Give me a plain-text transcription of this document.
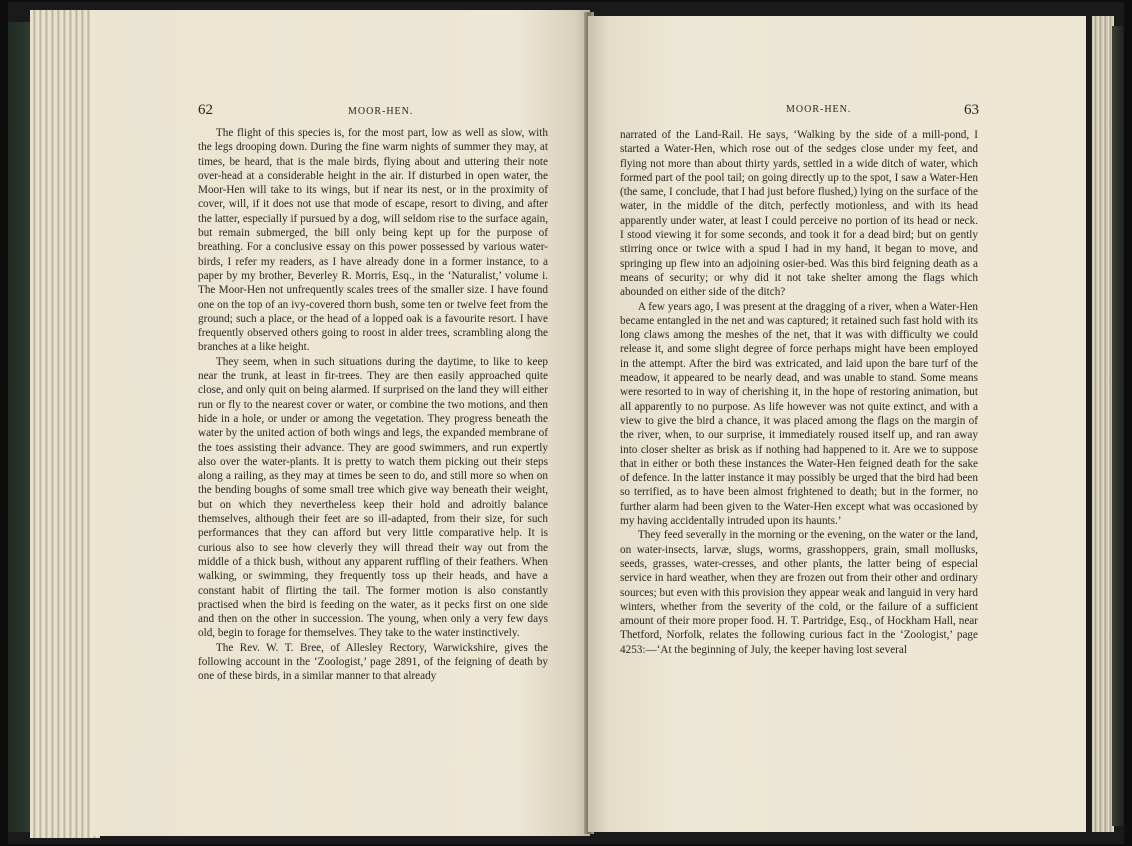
62	MOOR-HEN.

The flight of this species is, for the most part, low as well as slow, with the legs drooping down. During the fine warm nights of summer they may, at times, be heard, that is the male birds, flying about and uttering their note over-head at a considerable height in the air. If disturbed in open water, the Moor-Hen will take to its wings, but if near its nest, or in the proximity of cover, will, if it does not use that mode of escape, resort to diving, and after the latter, especially if pursued by a dog, will seldom rise to the surface again, but remain submerged, the bill only being kept up for the purpose of breathing. For a conclusive essay on this power possessed by various water-birds, I refer my readers, as I have already done in a former instance, to a paper by my brother, Beverley R. Morris, Esq., in the ‘Naturalist,’ volume i. The Moor-Hen not unfrequently scales trees of the smaller size. I have found one on the top of an ivy-covered thorn bush, some ten or twelve feet from the ground; such a place, or the head of a lopped oak is a favourite resort. I have frequently observed others going to roost in alder trees, scrambling along the branches at a like height.

They seem, when in such situations during the daytime, to like to keep near the trunk, at least in fir-trees. They are then easily approached quite close, and only quit on being alarmed. If surprised on the land they will either run or fly to the nearest cover or water, or combine the two motions, and then hide in a hole, or under or among the vegetation. They progress beneath the water by the united action of both wings and legs, the expanded membrane of the toes assisting their advance. They are good swimmers, and run expertly also over the water-plants. It is pretty to watch them picking out their steps along a railing, as they may at times be seen to do, and still more so when on the bending boughs of some small tree which give way beneath their weight, but on which they nevertheless keep their hold and adroitly balance themselves, although their feet are so ill-adapted, from their size, for such performances that they can afford but very little comparative help. It is curious also to see how cleverly they will thread their way out from the middle of a thick bush, without any apparent ruffling of their feathers. When walking, or swimming, they frequently toss up their heads, and have a constant habit of flirting the tail. The former motion is also constantly practised when the bird is feeding on the water, as it pecks first on one side and then on the other in succession. The young, when only a very few days old, begin to forage for themselves. They take to the water instinctively.

The Rev. W. T. Bree, of Allesley Rectory, Warwickshire, gives the following account in the ‘Zoologist,’ page 2891, of the feigning of death by one of these birds, in a similar manner to that already

MOOR-HEN.	63

narrated of the Land-Rail. He says, ‘Walking by the side of a mill-pond, I started a Water-Hen, which rose out of the sedges close under my feet, and flying not more than about thirty yards, settled in a wide ditch of water, which formed part of the pool tail; on going directly up to the spot, I saw a Water-Hen (the same, I conclude, that I had just before flushed,) lying on the surface of the water, in the middle of the ditch, perfectly motionless, and with its head apparently under water, at least I could perceive no portion of its head or neck. I stood viewing it for some seconds, and took it for a dead bird; but on gently stirring once or twice with a spud I had in my hand, it began to move, and springing up flew into an adjoining osier-bed. Was this bird feigning death as a means of security; or why did it not take shelter among the flags which abounded on either side of the ditch?

A few years ago, I was present at the dragging of a river, when a Water-Hen became entangled in the net and was captured; it retained such fast hold with its long claws among the meshes of the net, that it was with difficulty we could release it, and some slight degree of force perhaps might have been employed in the attempt. After the bird was extricated, and laid upon the bare turf of the meadow, it appeared to be nearly dead, and was unable to stand. Some means were resorted to in way of cherishing it, in the hope of restoring animation, but all apparently to no purpose. As life however was not quite extinct, and with a view to give the bird a chance, it was placed among the flags on the margin of the river, when, to our surprise, it immediately roused itself up, and ran away into closer shelter as brisk as if nothing had happened to it. Are we to suppose that in either or both these instances the Water-Hen feigned death for the sake of defence. In the latter instance it may possibly be urged that the bird had been so terrified, as to have been almost frightened to death; but in the former, no further alarm had been given to the Water-Hen except what was occasioned by my having accidentally intruded upon its haunts.’

They feed severally in the morning or the evening, on the water or the land, on water-insects, larvæ, slugs, worms, grasshoppers, grain, small mollusks, seeds, grasses, water-cresses, and other plants, the latter being of especial service in hard weather, when they are frozen out from their other and ordinary sources; but even with this provision they appear weak and languid in very hard winters, whether from the severity of the cold, or the failure of a sufficient amount of their more proper food. H. T. Partridge, Esq., of Hockham Hall, near Thetford, Norfolk, relates the following curious fact in the ‘Zoologist,’ page 4253:—‘At the beginning of July, the keeper having lost several
